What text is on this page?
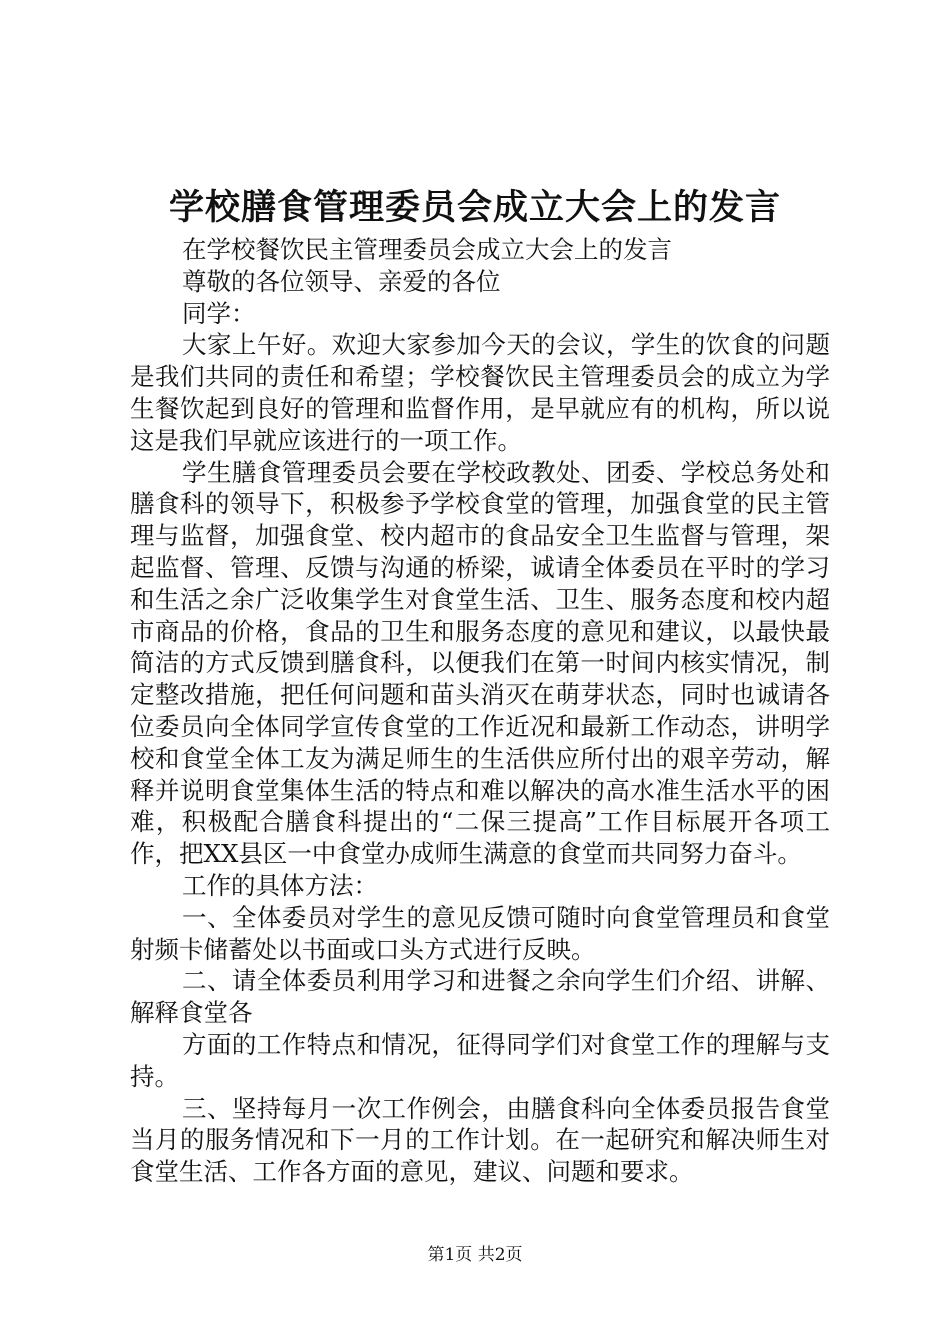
学校膳食管理委员会成立大会上的发言

在学校餐饮民主管理委员会成立大会上的发言

尊敬的各位领导、亲爱的各位

同学：

大家上午好。欢迎大家参加今天的会议，学生的饮食的问题是我们共同的责任和希望；学校餐饮民主管理委员会的成立为学生餐饮起到良好的管理和监督作用，是早就应有的机构，所以说这是我们早就应该进行的一项工作。

学生膳食管理委员会要在学校政教处、团委、学校总务处和膳食科的领导下，积极参予学校食堂的管理，加强食堂的民主管理与监督，加强食堂、校内超市的食品安全卫生监督与管理，架起监督、管理、反馈与沟通的桥梁，诚请全体委员在平时的学习和生活之余广泛收集学生对食堂生活、卫生、服务态度和校内超市商品的价格，食品的卫生和服务态度的意见和建议，以最快最简洁的方式反馈到膳食科，以便我们在第一时间内核实情况，制定整改措施，把任何问题和苗头消灭在萌芽状态，同时也诚请各位委员向全体同学宣传食堂的工作近况和最新工作动态，讲明学校和食堂全体工友为满足师生的生活供应所付出的艰辛劳动，解释并说明食堂集体生活的特点和难以解决的高水准生活水平的困难，积极配合膳食科提出的“二保三提高”工作目标展开各项工作，把XX县区一中食堂办成师生满意的食堂而共同努力奋斗。

工作的具体方法：

一、全体委员对学生的意见反馈可随时向食堂管理员和食堂射频卡储蓄处以书面或口头方式进行反映。

二、请全体委员利用学习和进餐之余向学生们介绍、讲解、解释食堂各

方面的工作特点和情况，征得同学们对食堂工作的理解与支持。

三、坚持每月一次工作例会，由膳食科向全体委员报告食堂当月的服务情况和下一月的工作计划。在一起研究和解决师生对食堂生活、工作各方面的意见，建议、问题和要求。

第1页 共2页
